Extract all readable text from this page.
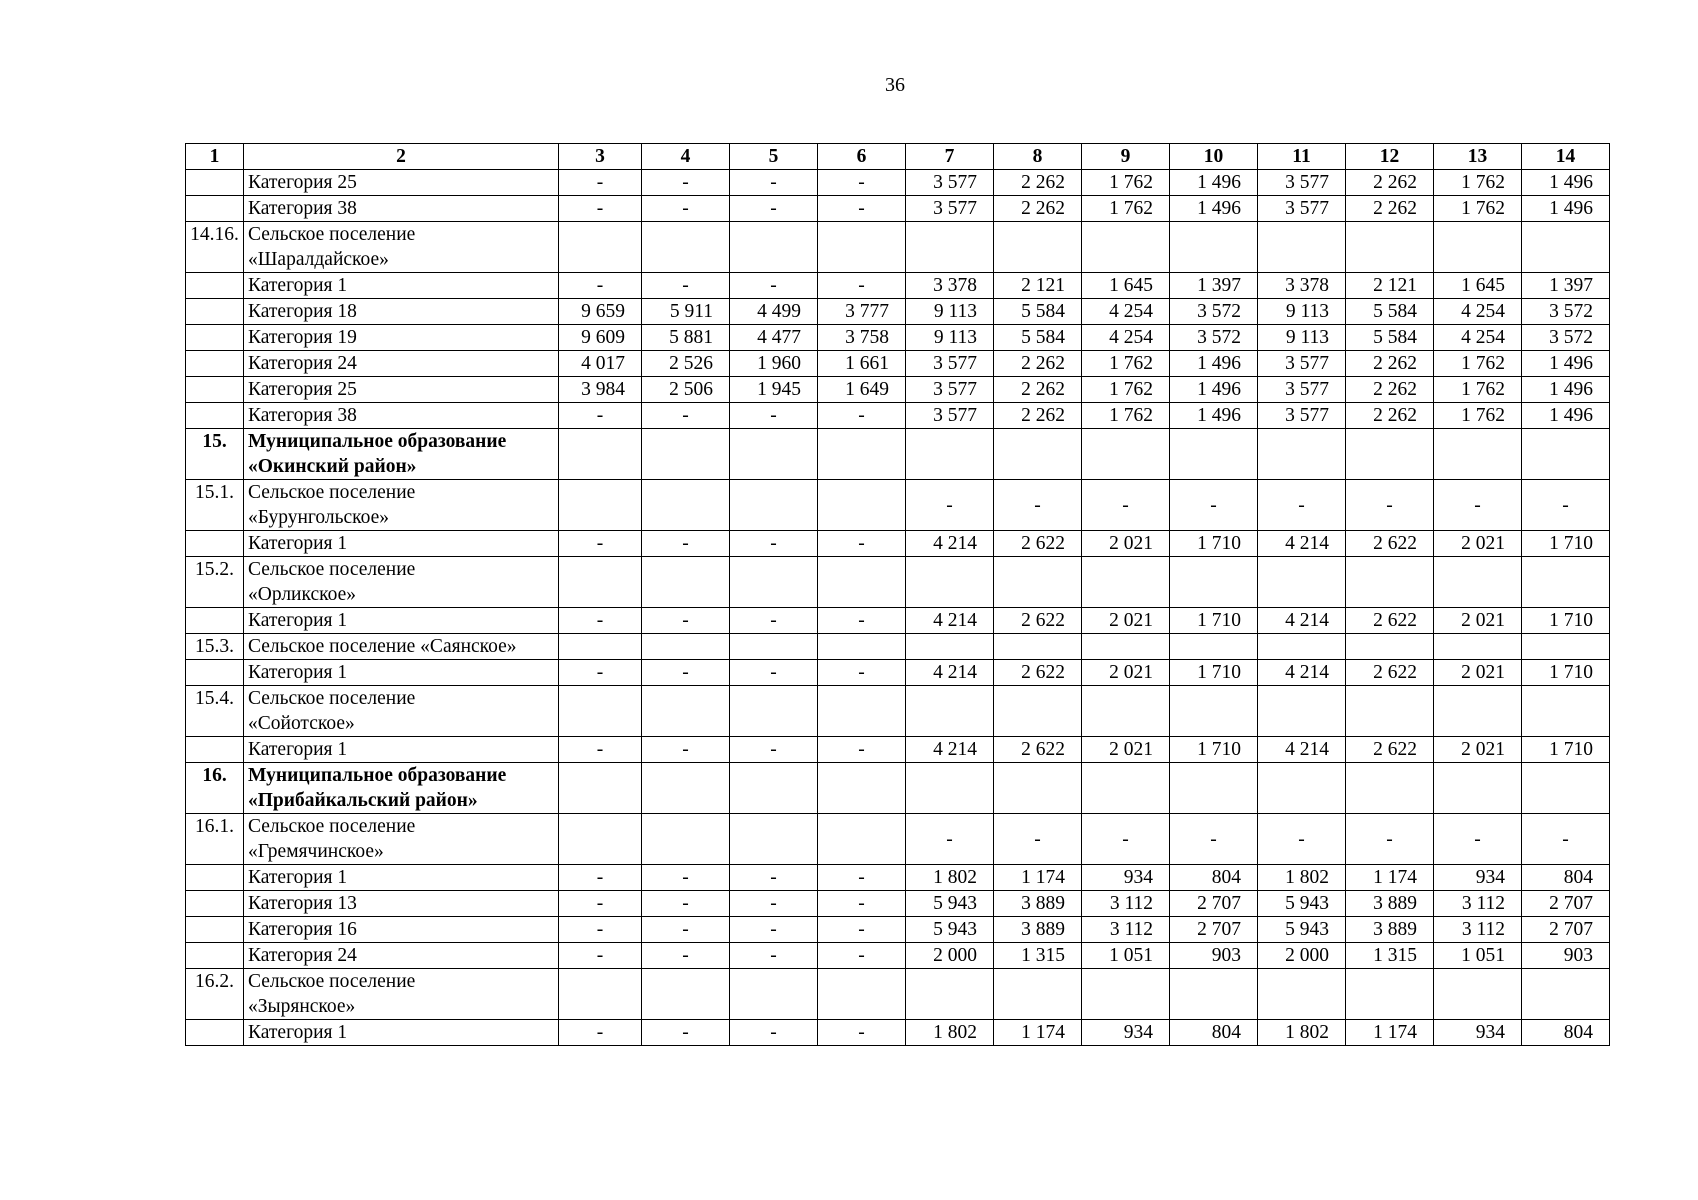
36
1	2	3	4	5	6	7	8	9	10	11	12	13	14

	Категория 25	-	-	-	-	3 577	2 262	1 762	1 496	3 577	2 262	1 762	1 496

	Категория 38	-	-	-	-	3 577	2 262	1 762	1 496	3 577	2 262	1 762	1 496
14.16.	Сельское поселение
«Шаралдайское»												

	Категория 1	-	-	-	-	3 378	2 121	1 645	1 397	3 378	2 121	1 645	1 397

	Категория 18	9 659	5 911	4 499	3 777	9 113	5 584	4 254	3 572	9 113	5 584	4 254	3 572

	Категория 19	9 609	5 881	4 477	3 758	9 113	5 584	4 254	3 572	9 113	5 584	4 254	3 572

	Категория 24	4 017	2 526	1 960	1 661	3 577	2 262	1 762	1 496	3 577	2 262	1 762	1 496

	Категория 25	3 984	2 506	1 945	1 649	3 577	2 262	1 762	1 496	3 577	2 262	1 762	1 496

	Категория 38	-	-	-	-	3 577	2 262	1 762	1 496	3 577	2 262	1 762	1 496
15.	Муниципальное образование
«Окинский район»												

15.1.	Сельское поселение
«Бурунгольское»					-	-	-	-	-	-	-	-

	Категория 1	-	-	-	-	4 214	2 622	2 021	1 710	4 214	2 622	2 021	1 710
15.2.	Сельское поселение
«Орликское»												

	Категория 1	-	-	-	-	4 214	2 622	2 021	1 710	4 214	2 622	2 021	1 710
15.3.	Сельское поселение «Саянское»												

	Категория 1	-	-	-	-	4 214	2 622	2 021	1 710	4 214	2 622	2 021	1 710
15.4.	Сельское поселение
«Сойотское»												

	Категория 1	-	-	-	-	4 214	2 622	2 021	1 710	4 214	2 622	2 021	1 710
16.	Муниципальное образование
«Прибайкальский район»												

16.1.	Сельское поселение
«Гремячинское»					-	-	-	-	-	-	-	-

	Категория 1	-	-	-	-	1 802	1 174	934	804	1 802	1 174	934	804

	Категория 13	-	-	-	-	5 943	3 889	3 112	2 707	5 943	3 889	3 112	2 707

	Категория 16	-	-	-	-	5 943	3 889	3 112	2 707	5 943	3 889	3 112	2 707

	Категория 24	-	-	-	-	2 000	1 315	1 051	903	2 000	1 315	1 051	903
16.2.	Сельское поселение
«Зырянское»												

	Категория 1	-	-	-	-	1 802	1 174	934	804	1 802	1 174	934	804
